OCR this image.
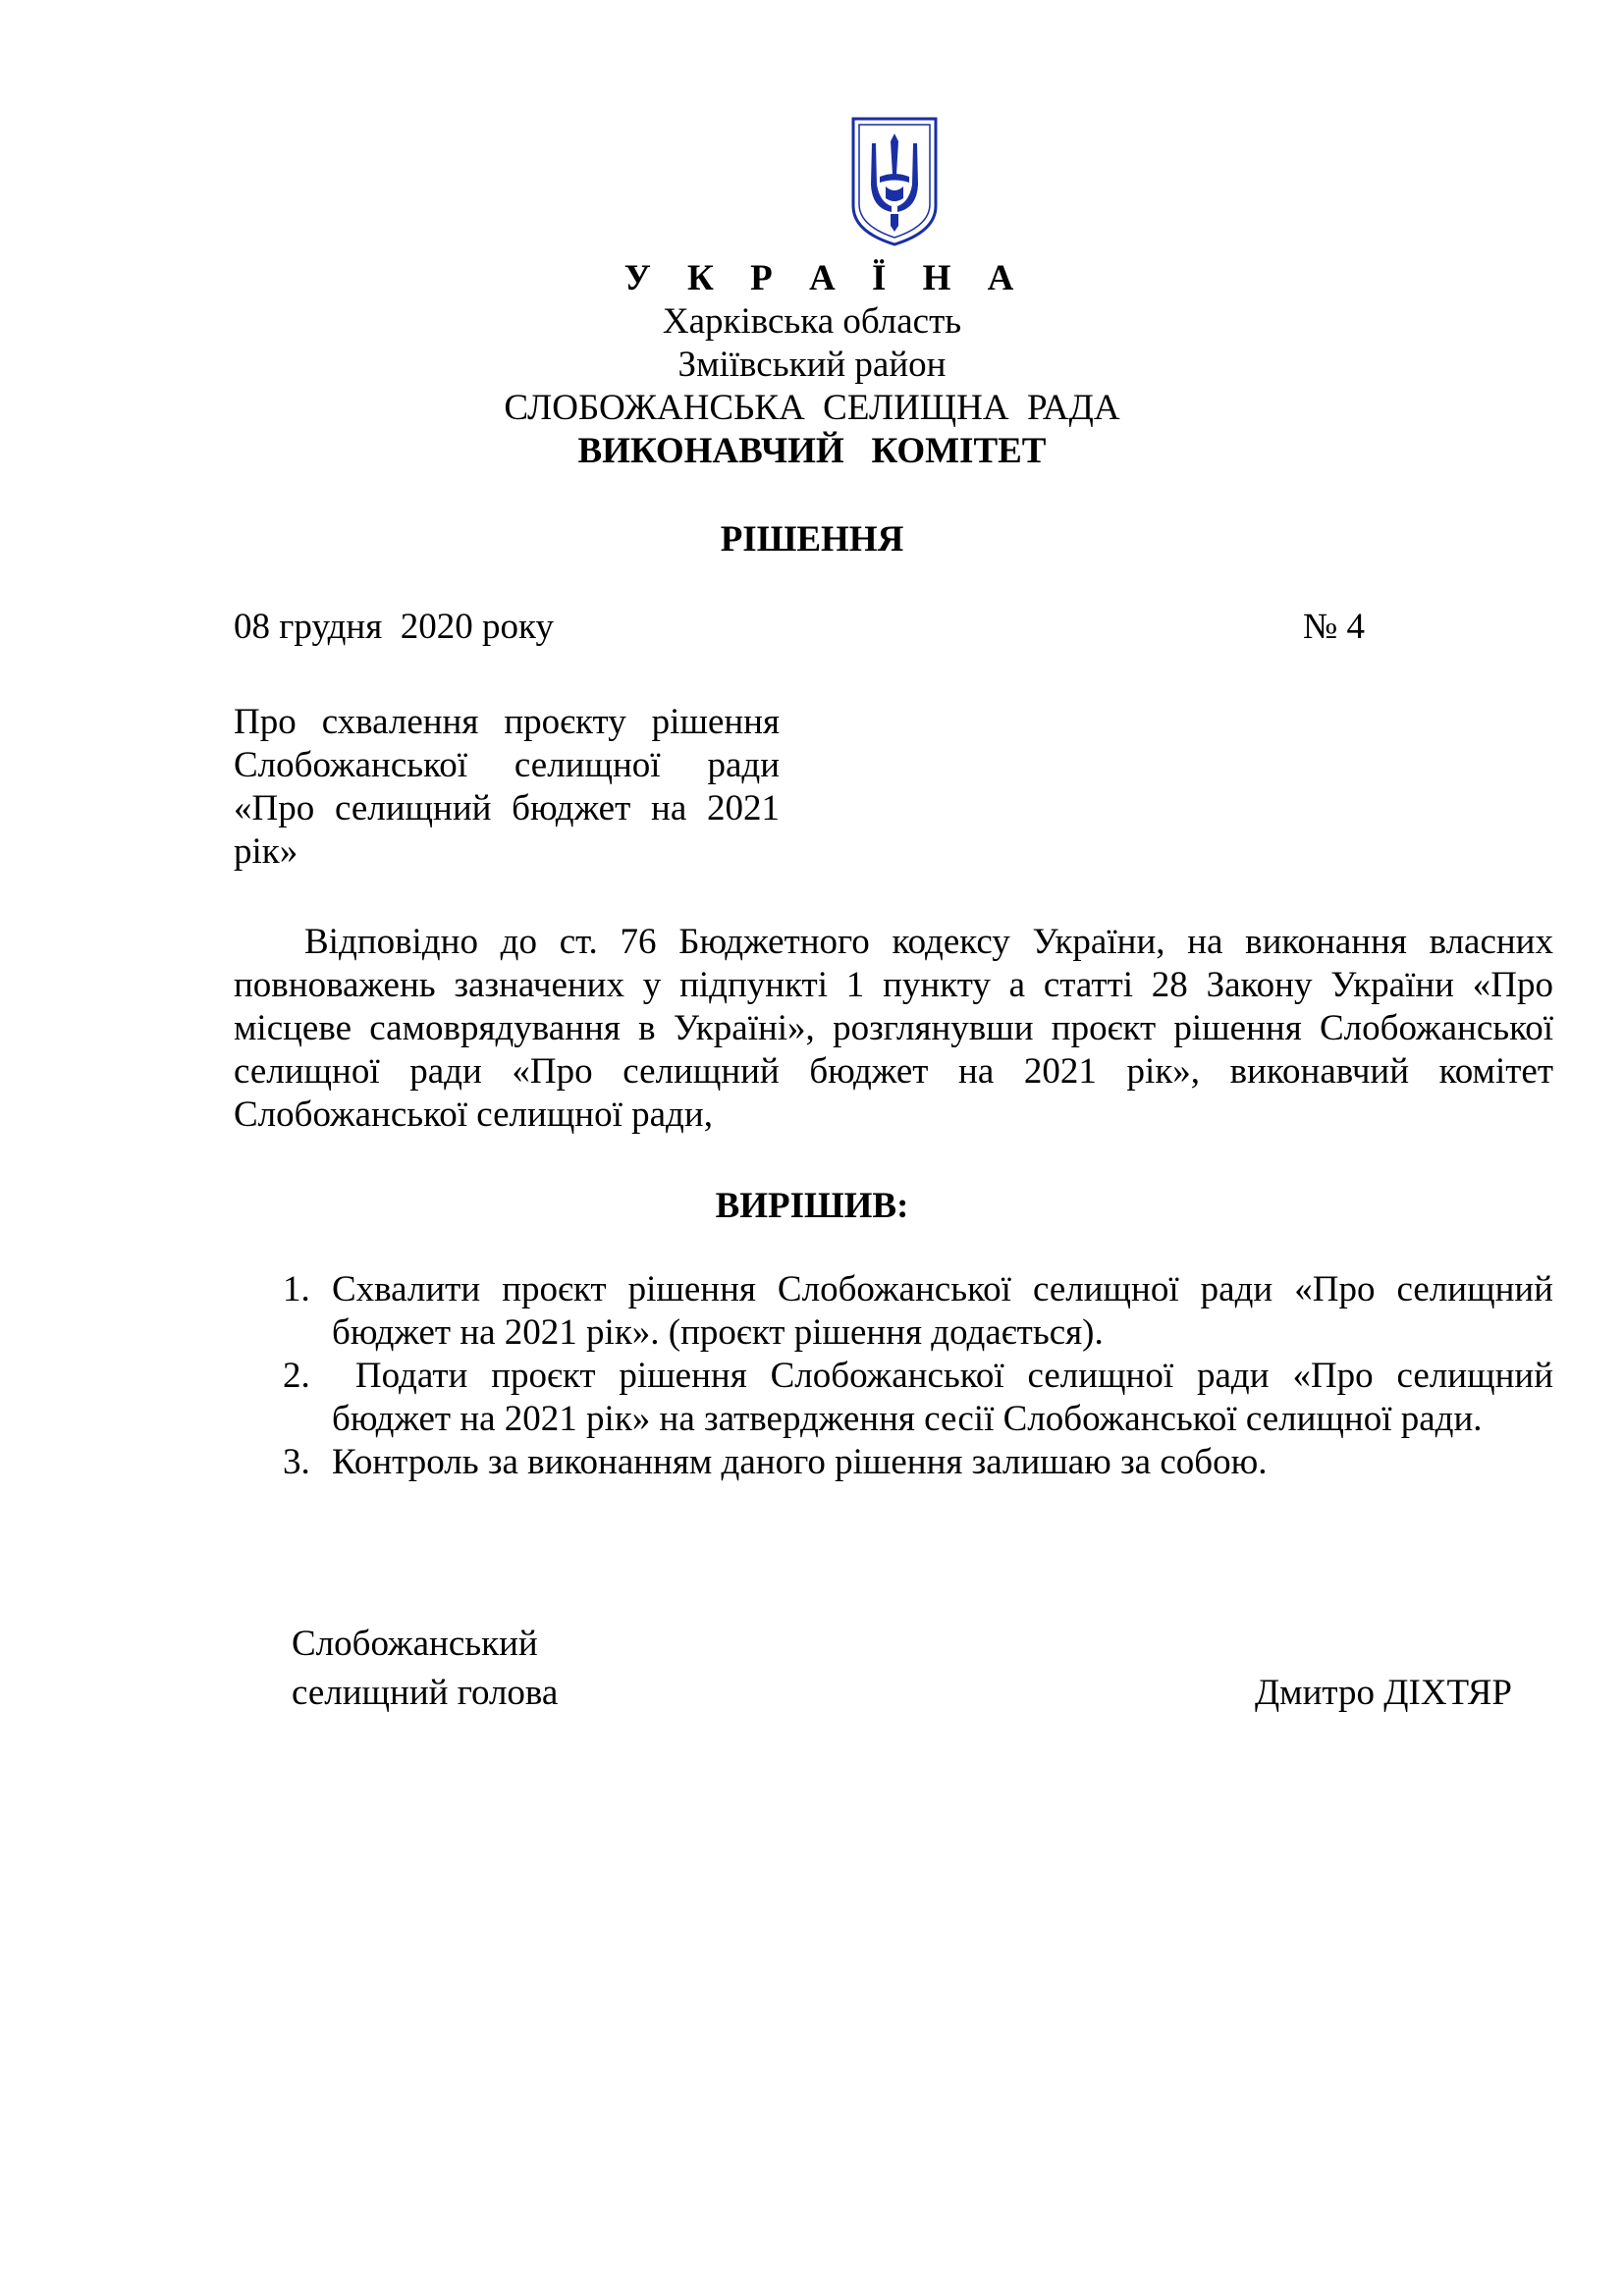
У К Р А Ї Н А
Харківська область
Зміївський район
СЛОБОЖАНСЬКА  СЕЛИЩНА  РАДА
ВИКОНАВЧИЙ   КОМІТЕТ
РІШЕННЯ
08 грудня  2020 року	№ 4
Про схвалення проєкту рішення Слобожанської селищної ради «Про селищний бюджет на 2021 рік»
Відповідно до ст. 76 Бюджетного кодексу України, на виконання власних повноважень зазначених у підпункті 1 пункту а статті 28 Закону України «Про місцеве самоврядування в Україні», розглянувши проєкт рішення Слобожанської селищної ради «Про селищний бюджет на 2021 рік», виконавчий комітет Слобожанської селищної ради,
ВИРІШИВ:
1. Схвалити проєкт рішення Слобожанської селищної ради «Про селищний бюджет на 2021 рік». (проєкт рішення додається).
2. Подати проєкт рішення Слобожанської селищної ради «Про селищний бюджет на 2021 рік» на затвердження сесії Слобожанської селищної ради.
3. Контроль за виконанням даного рішення залишаю за собою.
Слобожанський
селищний голова	Дмитро ДІХТЯР
